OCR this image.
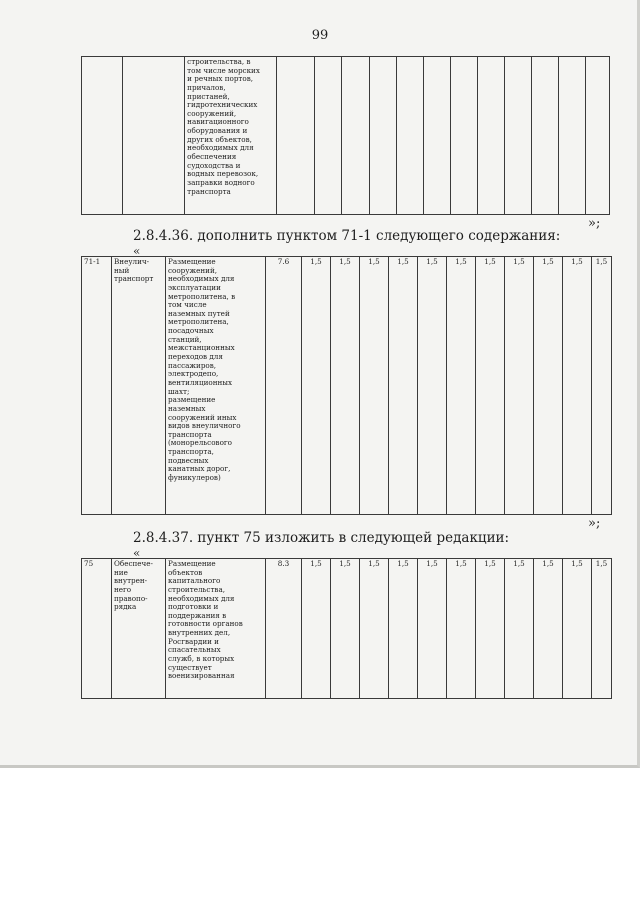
99
		строительства, в
том числе морских
и речных портов,
причалов,
пристаней,
гидротехнических
сооружений,
навигационного
оборудования и
других объектов,
необходимых для
обеспечения
судоходства и
водных перевозок,
заправки водного
транспорта												
»;
2.8.4.36. дополнить пунктом 71-1 следующего содержания:
«
71-1	Внеулич-
ный
транспорт	Размещение
сооружений,
необходимых для
эксплуатации
метрополитена, в
том числе
наземных путей
метрополитена,
посадочных
станций,
межстанционных
переходов для
пассажиров,
электродепо,
вентиляционных
шахт;
размещение
наземных
сооружений иных
видов внеуличного
транспорта
(монорельсового
транспорта,
подвесных
канатных дорог,
фуникулеров)	7.6	1,5	1,5	1,5	1,5	1,5	1,5	1,5	1,5	1,5	1,5	1,5
»;
2.8.4.37. пункт 75 изложить в следующей редакции:
«
75	Обеспече-
ние
внутрен-
него
правопо-
рядка	Размещение
объектов
капитального
строительства,
необходимых для
подготовки и
поддержания в
готовности органов
внутренних дел,
Росгвардии и
спасательных
служб, в которых
существует
военизированная	8.3	1,5	1,5	1,5	1,5	1,5	1,5	1,5	1,5	1,5	1,5	1,5
